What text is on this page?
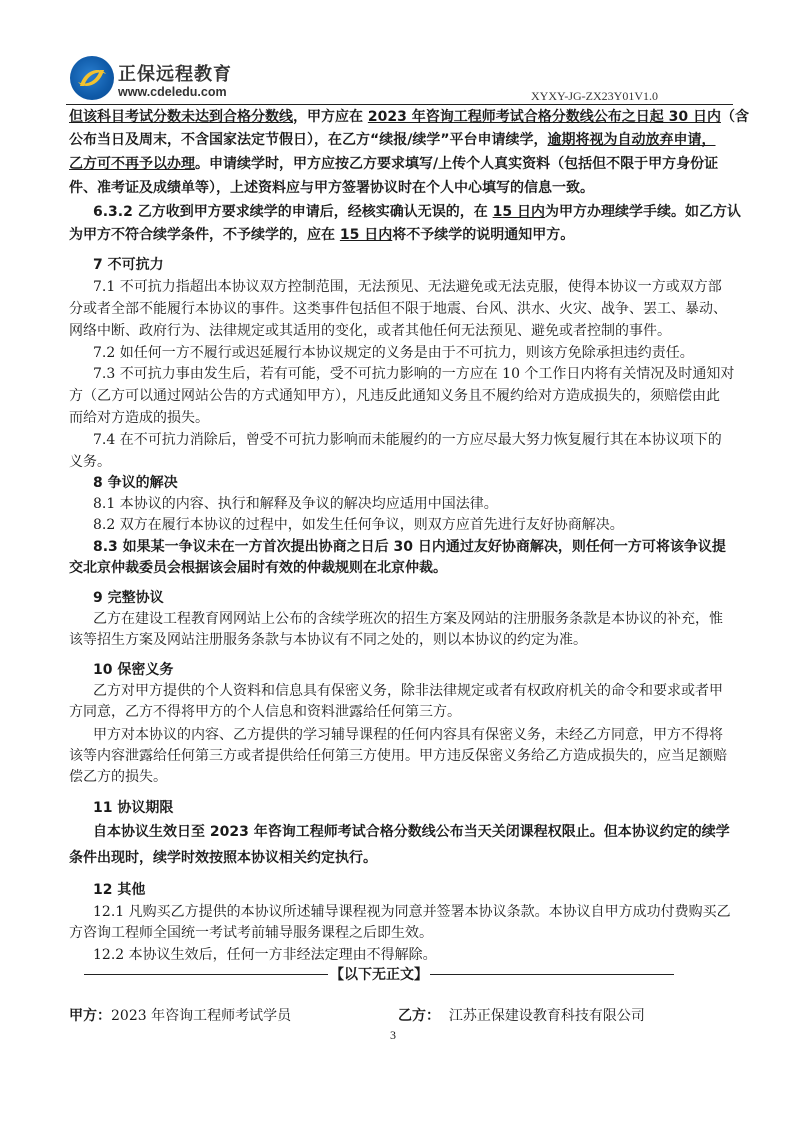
正保远程教育
www.cdeledu.com	XYXY-JG-ZX23Y01V1.0
但该科目考试分数未达到合格分数线，甲方应在 2023 年咨询工程师考试合格分数线公布之日起 30 日内（含
公布当日及周末，不含国家法定节假日），在乙方“续报/续学”平台申请续学，逾期将视为自动放弃申请，
乙方可不再予以办理。申请续学时，甲方应按乙方要求填写/上传个人真实资料（包括但不限于甲方身份证
件、准考证及成绩单等），上述资料应与甲方签署协议时在个人中心填写的信息一致。
6.3.2 乙方收到甲方要求续学的申请后，经核实确认无误的，在 15 日内为甲方办理续学手续。如乙方认
为甲方不符合续学条件，不予续学的，应在 15 日内将不予续学的说明通知甲方。
7 不可抗力
7.1 不可抗力指超出本协议双方控制范围，无法预见、无法避免或无法克服，使得本协议一方或双方部
分或者全部不能履行本协议的事件。这类事件包括但不限于地震、台风、洪水、火灾、战争、罢工、暴动、
网络中断、政府行为、法律规定或其适用的变化，或者其他任何无法预见、避免或者控制的事件。
7.2 如任何一方不履行或迟延履行本协议规定的义务是由于不可抗力，则该方免除承担违约责任。
7.3 不可抗力事由发生后，若有可能，受不可抗力影响的一方应在 10 个工作日内将有关情况及时通知对
方（乙方可以通过网站公告的方式通知甲方），凡违反此通知义务且不履约给对方造成损失的，须赔偿由此
而给对方造成的损失。
7.4 在不可抗力消除后，曾受不可抗力影响而未能履约的一方应尽最大努力恢复履行其在本协议项下的
义务。
8 争议的解决
8.1 本协议的内容、执行和解释及争议的解决均应适用中国法律。
8.2 双方在履行本协议的过程中，如发生任何争议，则双方应首先进行友好协商解决。
8.3 如果某一争议未在一方首次提出协商之日后 30 日内通过友好协商解决，则任何一方可将该争议提
交北京仲裁委员会根据该会届时有效的仲裁规则在北京仲裁。
9 完整协议
乙方在建设工程教育网网站上公布的含续学班次的招生方案及网站的注册服务条款是本协议的补充，惟
该等招生方案及网站注册服务条款与本协议有不同之处的，则以本协议的约定为准。
10 保密义务
乙方对甲方提供的个人资料和信息具有保密义务，除非法律规定或者有权政府机关的命令和要求或者甲
方同意，乙方不得将甲方的个人信息和资料泄露给任何第三方。
甲方对本协议的内容、乙方提供的学习辅导课程的任何内容具有保密义务，未经乙方同意，甲方不得将
该等内容泄露给任何第三方或者提供给任何第三方使用。甲方违反保密义务给乙方造成损失的，应当足额赔
偿乙方的损失。
11 协议期限
自本协议生效日至 2023 年咨询工程师考试合格分数线公布当天关闭课程权限止。但本协议约定的续学
条件出现时，续学时效按照本协议相关约定执行。
12 其他
12.1 凡购买乙方提供的本协议所述辅导课程视为同意并签署本协议条款。本协议自甲方成功付费购买乙
方咨询工程师全国统一考试考前辅导服务课程之后即生效。
12.2 本协议生效后，任何一方非经法定理由不得解除。
【以下无正文】
甲方：2023 年咨询工程师考试学员	乙方： 江苏正保建设教育科技有限公司
3
